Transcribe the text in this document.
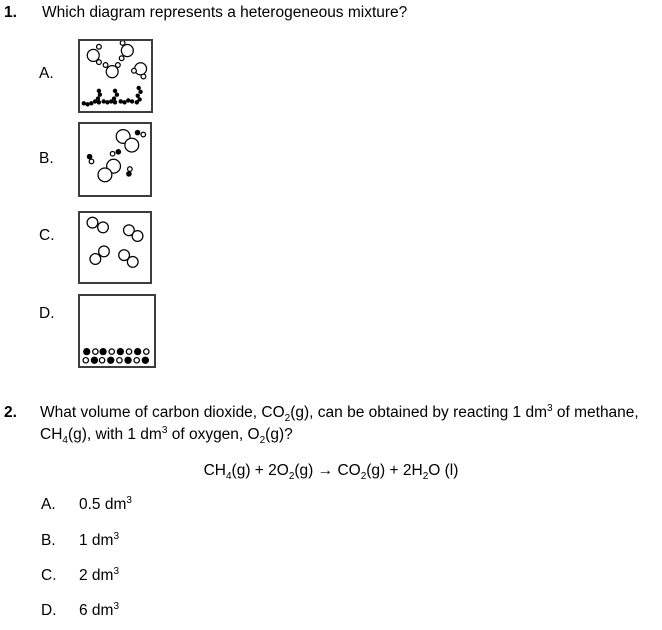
1. Which diagram represents a heterogeneous mixture?
A.
B.
C.
D.
2. What volume of carbon dioxide, $CO_2(g)$, can be obtained by reacting 1 $dm^3$ of methane,
$CH_4(g)$, with 1 $dm^3$ of oxygen, $O_2(g)$?
$CH_4(g) + 2O_2(g) \to CO_2(g) + 2H_2O$ (l)
A. 0.5 $dm^3$
B. 1 $dm^3$
C. 2 $dm^3$
D. 6 $dm^3$
